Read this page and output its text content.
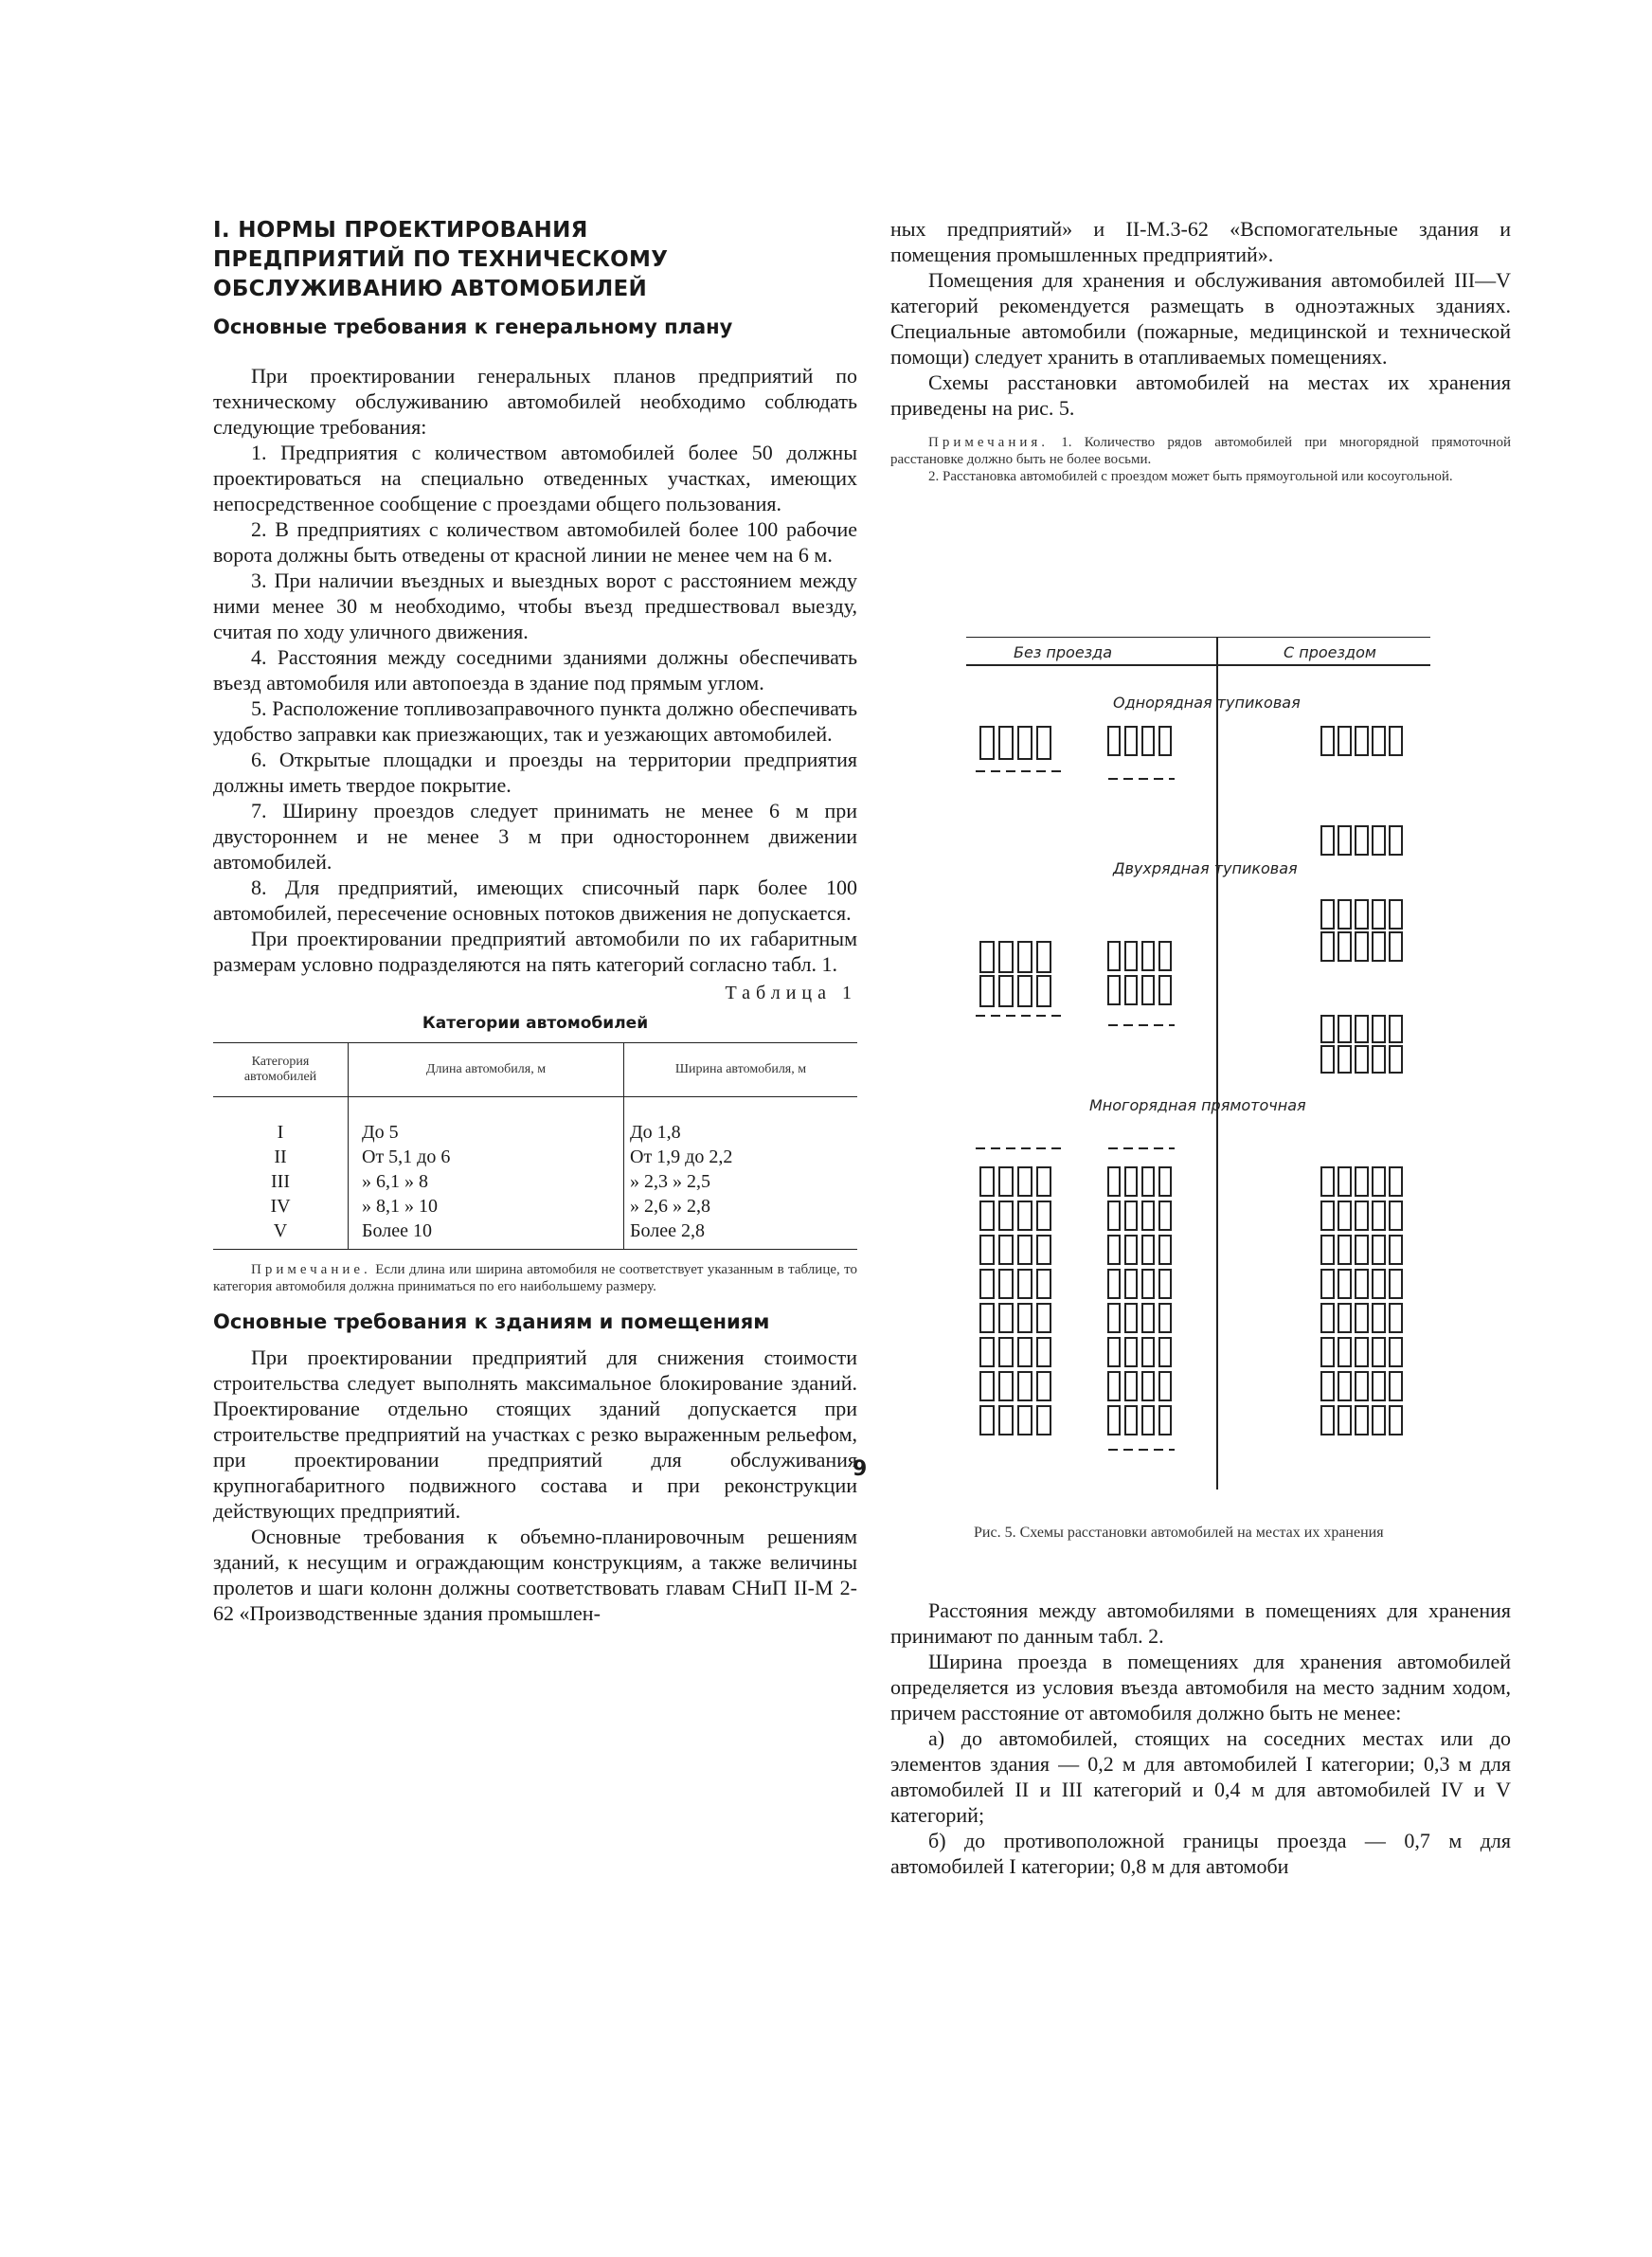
I. НОРМЫ ПРОЕКТИРОВАНИЯ
ПРЕДПРИЯТИЙ ПО ТЕХНИЧЕСКОМУ
ОБСЛУЖИВАНИЮ АВТОМОБИЛЕЙ
Основные требования к генеральному плану

При проектировании генеральных планов предприятий по техническому обслуживанию автомобилей необходимо соблюдать следующие требования:

1. Предприятия с количеством автомобилей более 50 должны проектироваться на специально отведенных участках, имеющих непосредственное сообщение с проездами общего пользования.

2. В предприятиях с количеством автомобилей более 100 рабочие ворота должны быть отведены от красной линии не менее чем на 6 м.

3. При наличии въездных и выездных ворот с расстоянием между ними менее 30 м необходимо, чтобы въезд предшествовал выезду, считая по ходу уличного движения.

4. Расстояния между соседними зданиями должны обеспечивать въезд автомобиля или автопоезда в здание под прямым углом.

5. Расположение топливозаправочного пункта должно обеспечивать удобство заправки как приезжающих, так и уезжающих автомобилей.

6. Открытые площадки и проезды на территории предприятия должны иметь твердое покрытие.

7. Ширину проездов следует принимать не менее 6 м при двустороннем и не менее 3 м при одностороннем движении автомобилей.

8. Для предприятий, имеющих списочный парк более 100 автомобилей, пересечение основных потоков движения не допускается.

При проектировании предприятий автомобили по их габаритным размерам условно подразделяются на пять категорий согласно табл. 1.

Таблица 1
Категории автомобилей
Категория автомобилей	Длина автомобиля, м	Ширина автомобиля, м
I	До 5	До 1,8
II	От 5,1 до 6	От 1,9 до 2,2
III	» 6,1 » 8	» 2,3 » 2,5
IV	» 8,1 » 10	» 2,6 » 2,8
V	Более 10	Более 2,8

Примечание. Если длина или ширина автомобиля не соответствует указанным в таблице, то категория автомобиля должна приниматься по его наибольшему размеру.

Основные требования к зданиям и помещениям

При проектировании предприятий для снижения стоимости строительства следует выполнять максимальное блокирование зданий. Проектирование отдельно стоящих зданий допускается при строительстве предприятий на участках с резко выраженным рельефом, при проектировании предприятий для обслуживания крупногабаритного подвижного состава и при реконструкции действующих предприятий.

Основные требования к объемно-планировочным решениям зданий, к несущим и ограждающим конструкциям, а также величины пролетов и шаги колонн должны соответствовать главам СНиП II-М 2-62 «Производственные здания промышлен-

ных предприятий» и II-М.3-62 «Вспомогательные здания и помещения промышленных предприятий».

Помещения для хранения и обслуживания автомобилей III—V категорий рекомендуется размещать в одноэтажных зданиях. Специальные автомобили (пожарные, медицинской и технической помощи) следует хранить в отапливаемых помещениях.

Схемы расстановки автомобилей на местах их хранения приведены на рис. 5.

Примечания. 1. Количество рядов автомобилей при многорядной прямоточной расстановке должно быть не более восьми.

2. Расстановка автомобилей с проездом может быть прямоугольной или косоугольной.

Без проезда	С проездом
Однорядная тупиковая
Двухрядная тупиковая
Многорядная прямоточная
Рис. 5. Схемы расстановки автомобилей на местах их хранения

Расстояния между автомобилями в помещениях для хранения принимают по данным табл. 2.

Ширина проезда в помещениях для хранения автомобилей определяется из условия въезда автомобиля на место задним ходом, причем расстояние от автомобиля должно быть не менее:

а) до автомобилей, стоящих на соседних местах или до элементов здания — 0,2 м для автомобилей I категории; 0,3 м для автомобилей II и III категорий и 0,4 м для автомобилей IV и V категорий;

б) до противоположной границы проезда — 0,7 м для автомобилей I категории; 0,8 м для автомоби

9
